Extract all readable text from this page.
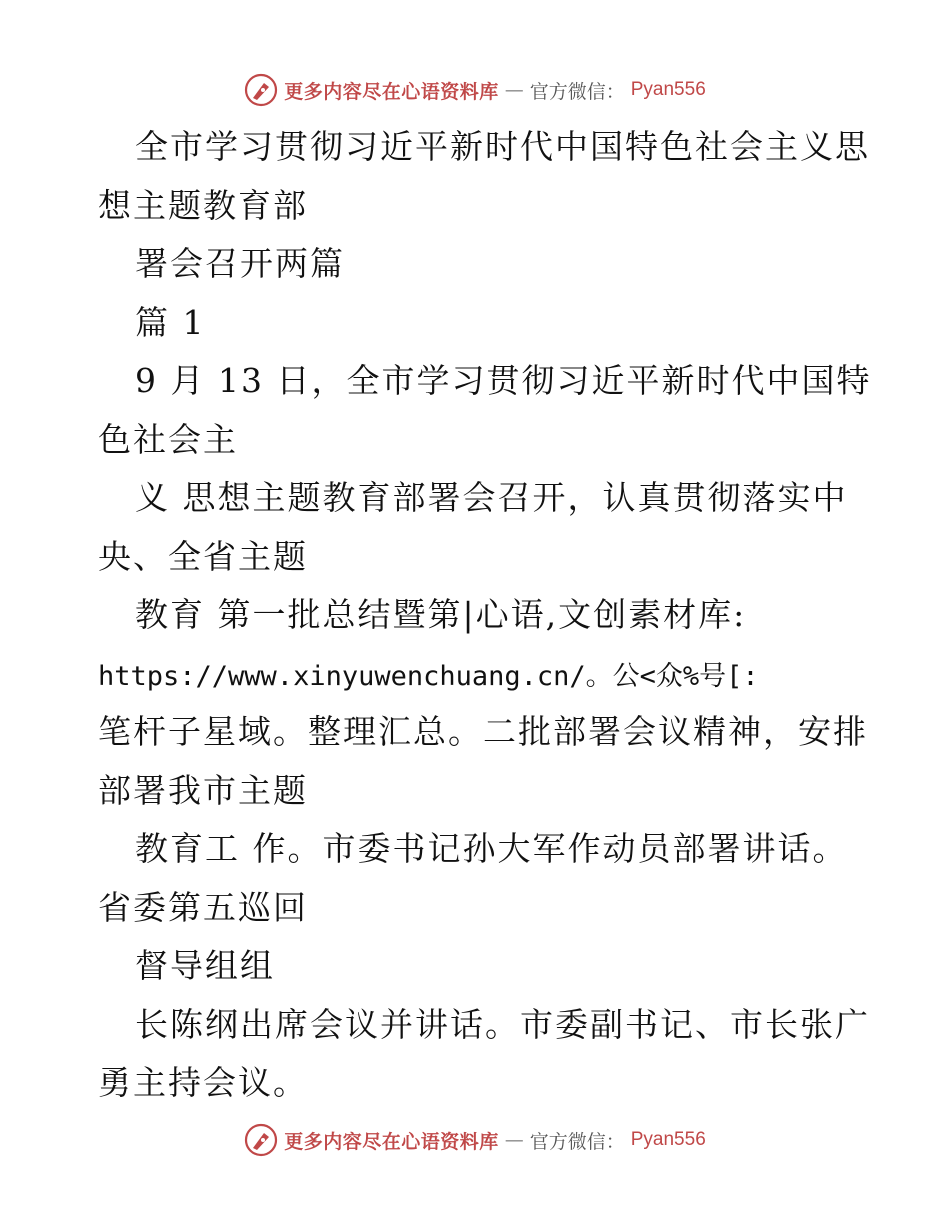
更多内容尽在心语资料库 — 官方微信： Pyan556
全市学习贯彻习近平新时代中国特色社会主义思
想主题教育部
署会召开两篇
篇 1
9 月 13 日，全市学习贯彻习近平新时代中国特
色社会主
义 思想主题教育部署会召开，认真贯彻落实中
央、全省主题
教育 第一批总结暨第|心语,文创素材库:
https://www.xinyuwenchuang.cn/。公<众%号[:
笔杆子星域。整理汇总。二批部署会议精神，安排
部署我市主题
教育工 作。市委书记孙大军作动员部署讲话。
省委第五巡回
督导组组
长陈纲出席会议并讲话。市委副书记、市长张广
勇主持会议。
更多内容尽在心语资料库 — 官方微信： Pyan556
